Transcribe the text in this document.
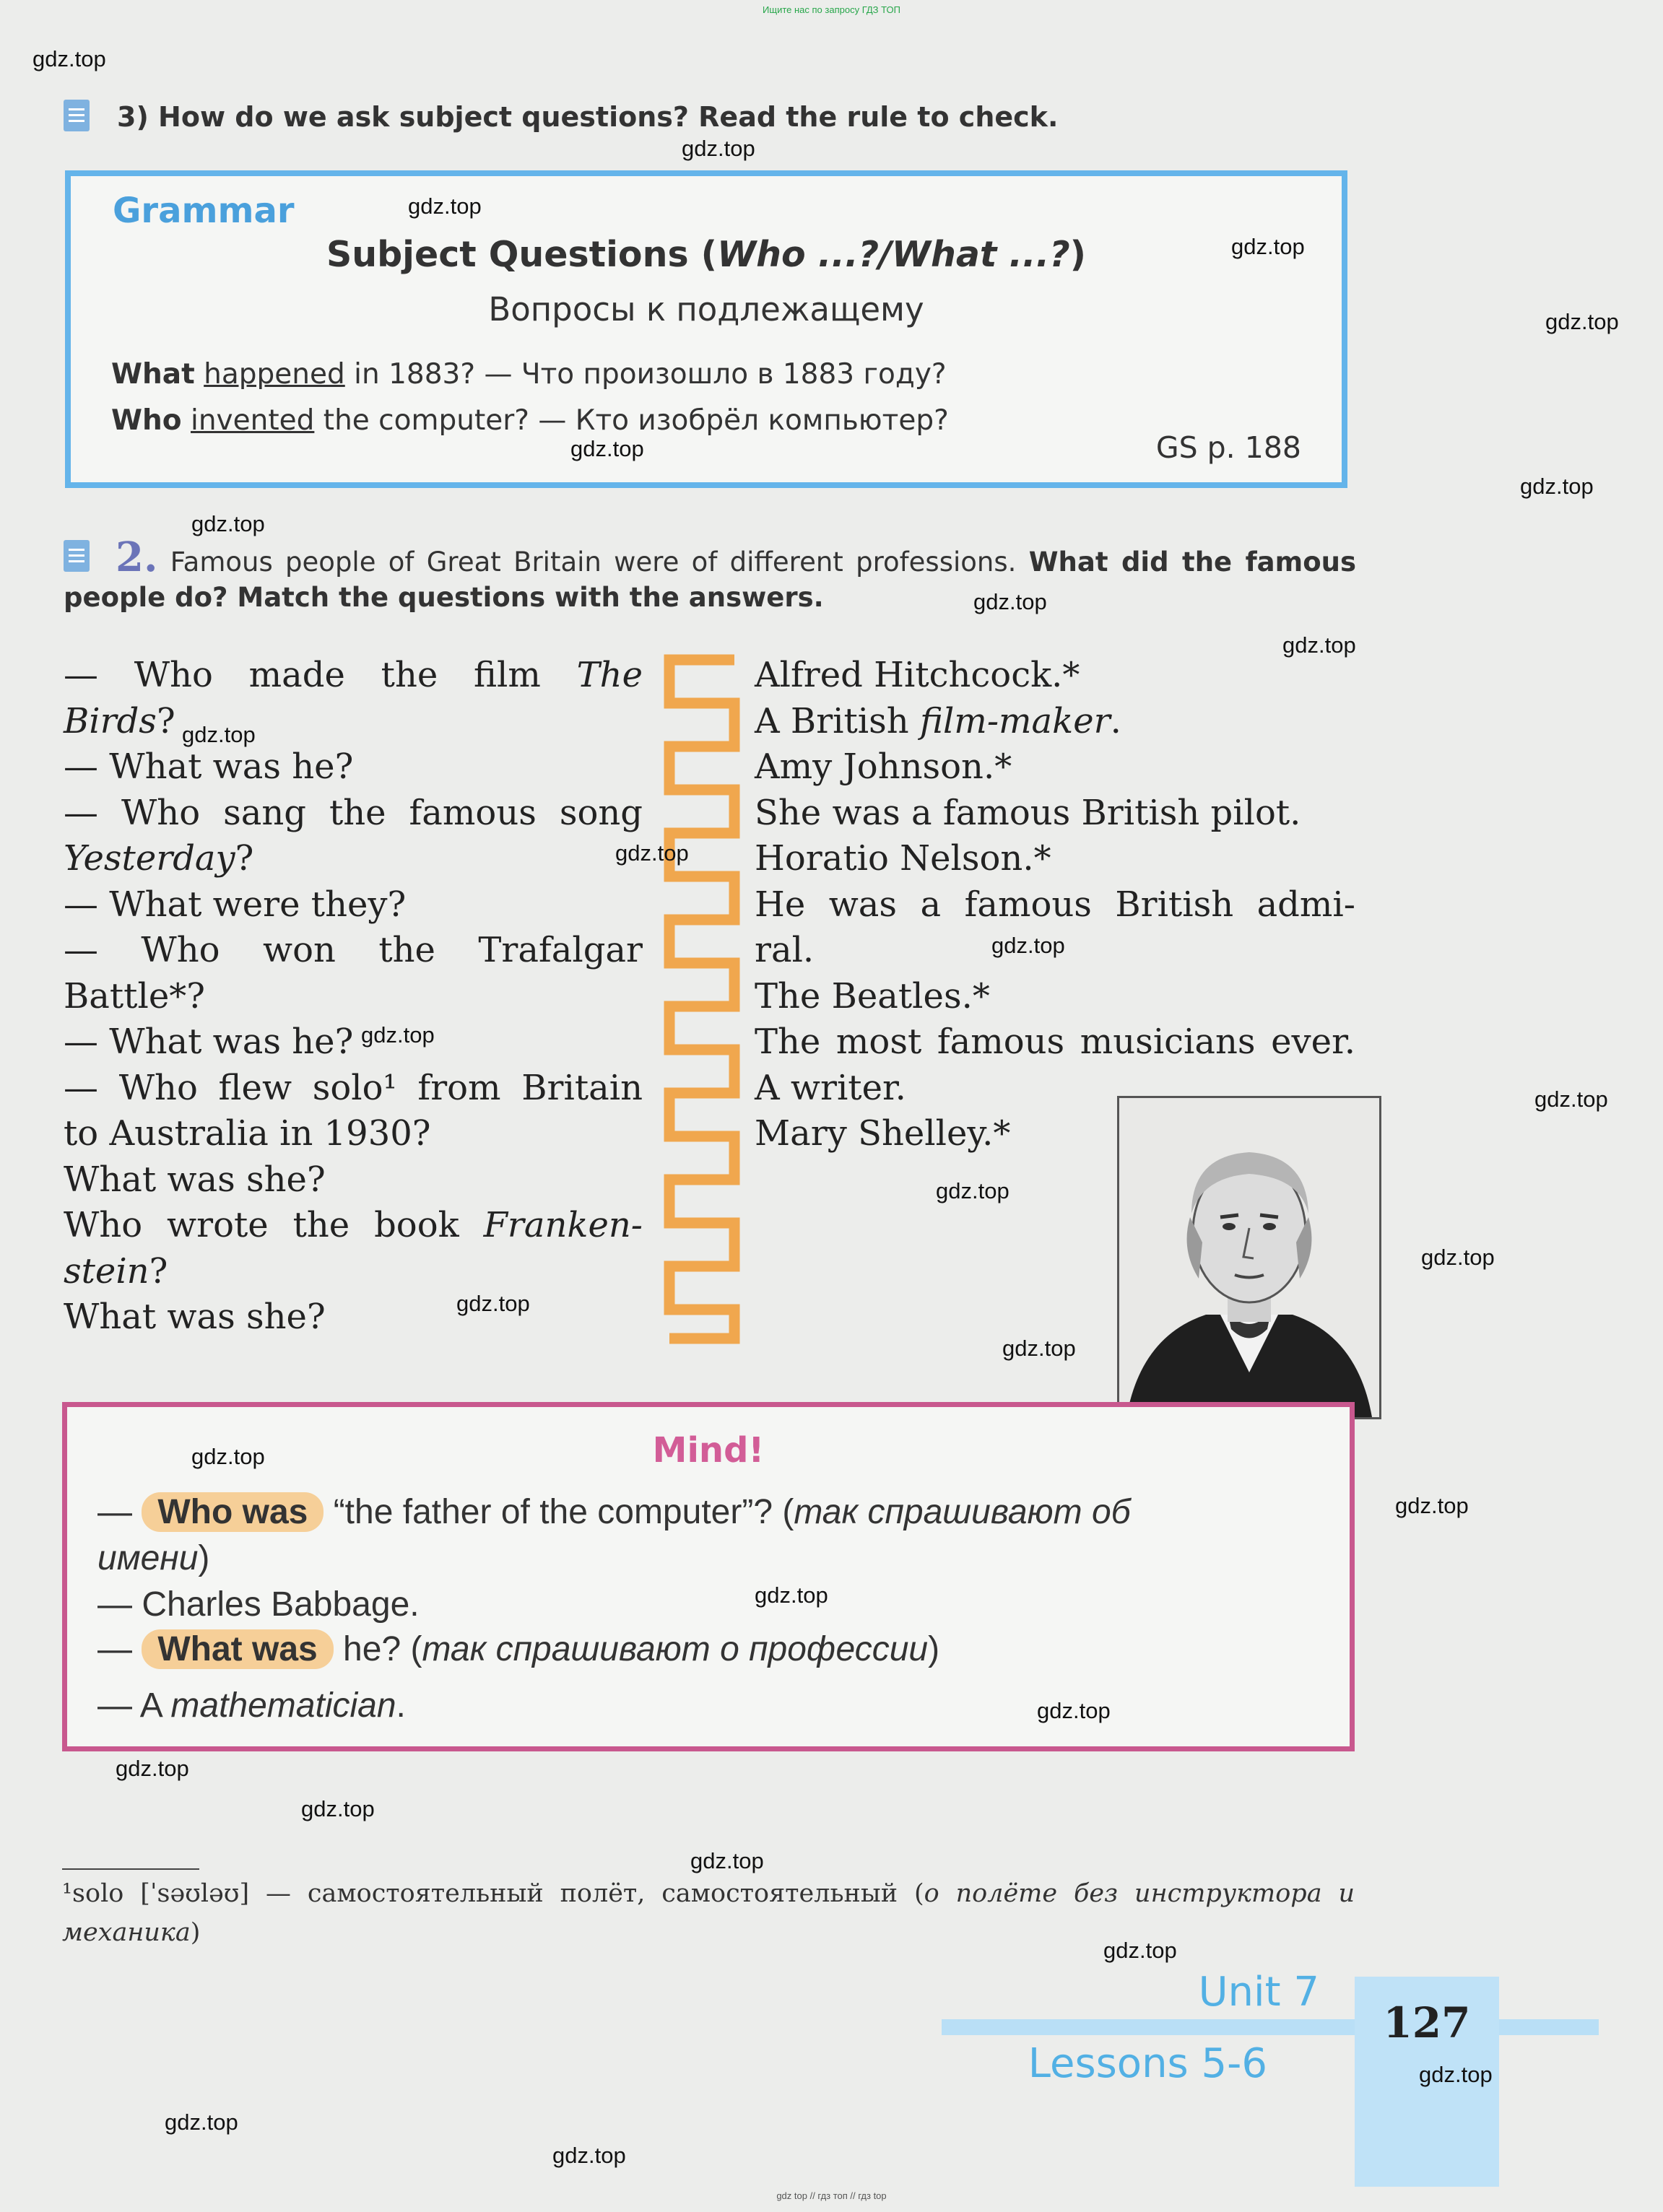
Ищите нас по запросу ГДЗ ТОП
3) How do we ask subject questions? Read the rule to check.
Grammar
Subject Questions (Who ...?/What ...?)
Вопросы к подлежащему
What happened in 1883? — Что произошло в 1883 году?
Who invented the computer? — Кто изобрёл компьютер?
GS p. 188
2. Famous people of Great Britain were of different professions. What did the famous people do? Match the questions with the answers.
— Who made the film The
Birds?
— What was he?
— Who sang the famous song
Yesterday?
— What were they?
— Who won the Trafalgar
Battle*?
— What was he?
— Who flew solo¹ from Britain
to Australia in 1930?
What was she?
Who wrote the book Franken-
stein?
What was she?
Alfred Hitchcock.*
A British film-maker.
Amy Johnson.*
She was a famous British pilot.
Horatio Nelson.*
He was a famous British admi-
ral.
The Beatles.*
The most famous musicians ever.
A writer.
Mary Shelley.*
Mind!
— Who was “the father of the computer”? (так спрашивают об
имени)
— Charles Babbage.
— What was he? (так спрашивают о профессии)
— A mathematician.
¹solo [ˈsəʊləʊ] — самостоятельный полёт, самостоятельный (о полёте без инструктора и механика)
127
Unit 7
Lessons 5-6
gdz.top
gdz.top
gdz.top
gdz.top
gdz.top
gdz.top
gdz.top
gdz.top
gdz.top
gdz.top
gdz.top
gdz.top
gdz.top
gdz.top
gdz.top
gdz.top
gdz.top
gdz.top
gdz.top
gdz.top
gdz.top
gdz.top
gdz.top
gdz.top
gdz.top
gdz.top
gdz.top
gdz.top
gdz.top
gdz.top
gdz top // гдз топ // гдз top
